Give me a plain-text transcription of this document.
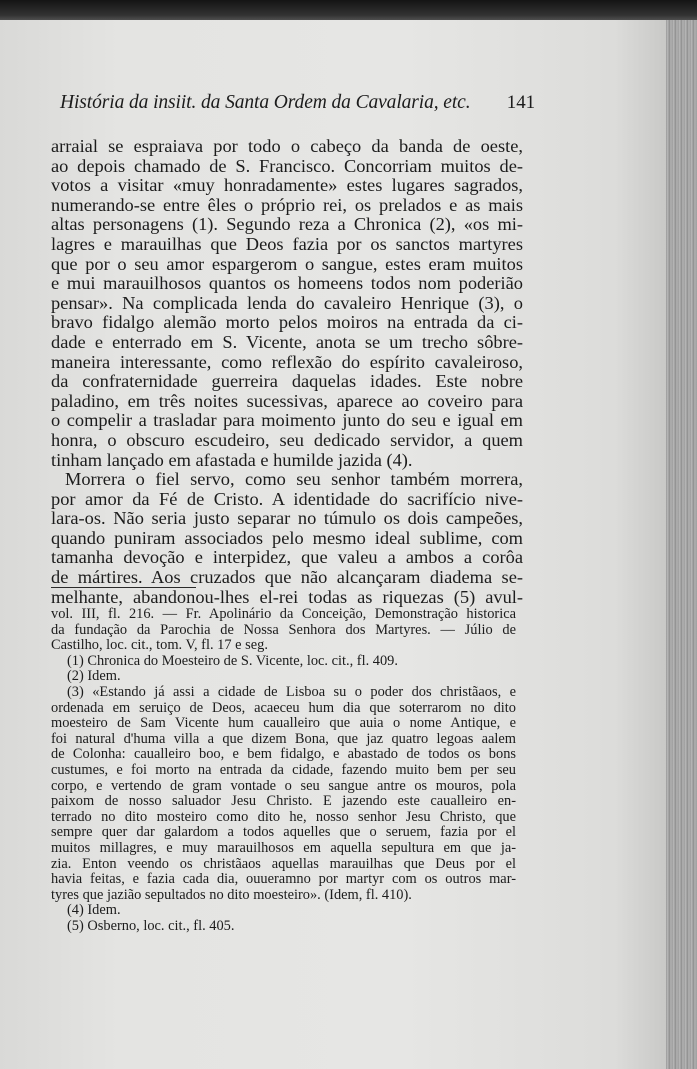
História da insiit. da Santa Ordem da Cavalaria, etc. 141
arraial se espraiava por todo o cabeço da banda de oeste,
ao depois chamado de S. Francisco. Concorriam muitos de-
votos a visitar «muy honradamente» estes lugares sagrados,
numerando-se entre êles o próprio rei, os prelados e as mais
altas personagens (1). Segundo reza a Chronica (2), «os mi-
lagres e marauilhas que Deos fazia por os sanctos martyres
que por o seu amor espargerom o sangue, estes eram muitos
e mui marauilhosos quantos os homeens todos nom poderião
pensar». Na complicada lenda do cavaleiro Henrique (3), o
bravo fidalgo alemão morto pelos moiros na entrada da ci-
dade e enterrado em S. Vicente, anota se um trecho sôbre-
maneira interessante, como reflexão do espírito cavaleiroso,
da confraternidade guerreira daquelas idades. Este nobre
paladino, em três noites sucessivas, aparece ao coveiro para
o compelir a trasladar para moimento junto do seu e igual em
honra, o obscuro escudeiro, seu dedicado servidor, a quem
tinham lançado em afastada e humilde jazida (4).
Morrera o fiel servo, como seu senhor também morrera,
por amor da Fé de Cristo. A identidade do sacrifício nive-
lara-os. Não seria justo separar no túmulo os dois campeões,
quando puniram associados pelo mesmo ideal sublime, com
tamanha devoção e interpidez, que valeu a ambos a corôa
de mártires. Aos cruzados que não alcançaram diadema se-
melhante, abandonou-lhes el-rei todas as riquezas (5) avul-
vol. III, fl. 216. — Fr. Apolinário da Conceição, Demonstração historica
da fundação da Parochia de Nossa Senhora dos Martyres. — Júlio de
Castilho, loc. cit., tom. V, fl. 17 e seg.
(1) Chronica do Moesteiro de S. Vicente, loc. cit., fl. 409.
(2) Idem.
(3) «Estando já assi a cidade de Lisboa su o poder dos christãaos, e
ordenada em seruiço de Deos, acaeceu hum dia que soterrarom no dito
moesteiro de Sam Vicente hum caualleiro que auia o nome Antique, e
foi natural d'huma villa a que dizem Bona, que jaz quatro legoas aalem
de Colonha: caualleiro boo, e bem fidalgo, e abastado de todos os bons
custumes, e foi morto na entrada da cidade, fazendo muito bem per seu
corpo, e vertendo de gram vontade o seu sangue antre os mouros, pola
paixom de nosso saluador Jesu Christo. E jazendo este caualleiro en-
terrado no dito mosteiro como dito he, nosso senhor Jesu Christo, que
sempre quer dar galardom a todos aquelles que o seruem, fazia por el
muitos millagres, e muy marauilhosos em aquella sepultura em que ja-
zia. Enton veendo os christãaos aquellas marauilhas que Deus por el
havia feitas, e fazia cada dia, ouueramno por martyr com os outros mar-
tyres que jazião sepultados no dito moesteiro». (Idem, fl. 410).
(4) Idem.
(5) Osberno, loc. cit., fl. 405.
